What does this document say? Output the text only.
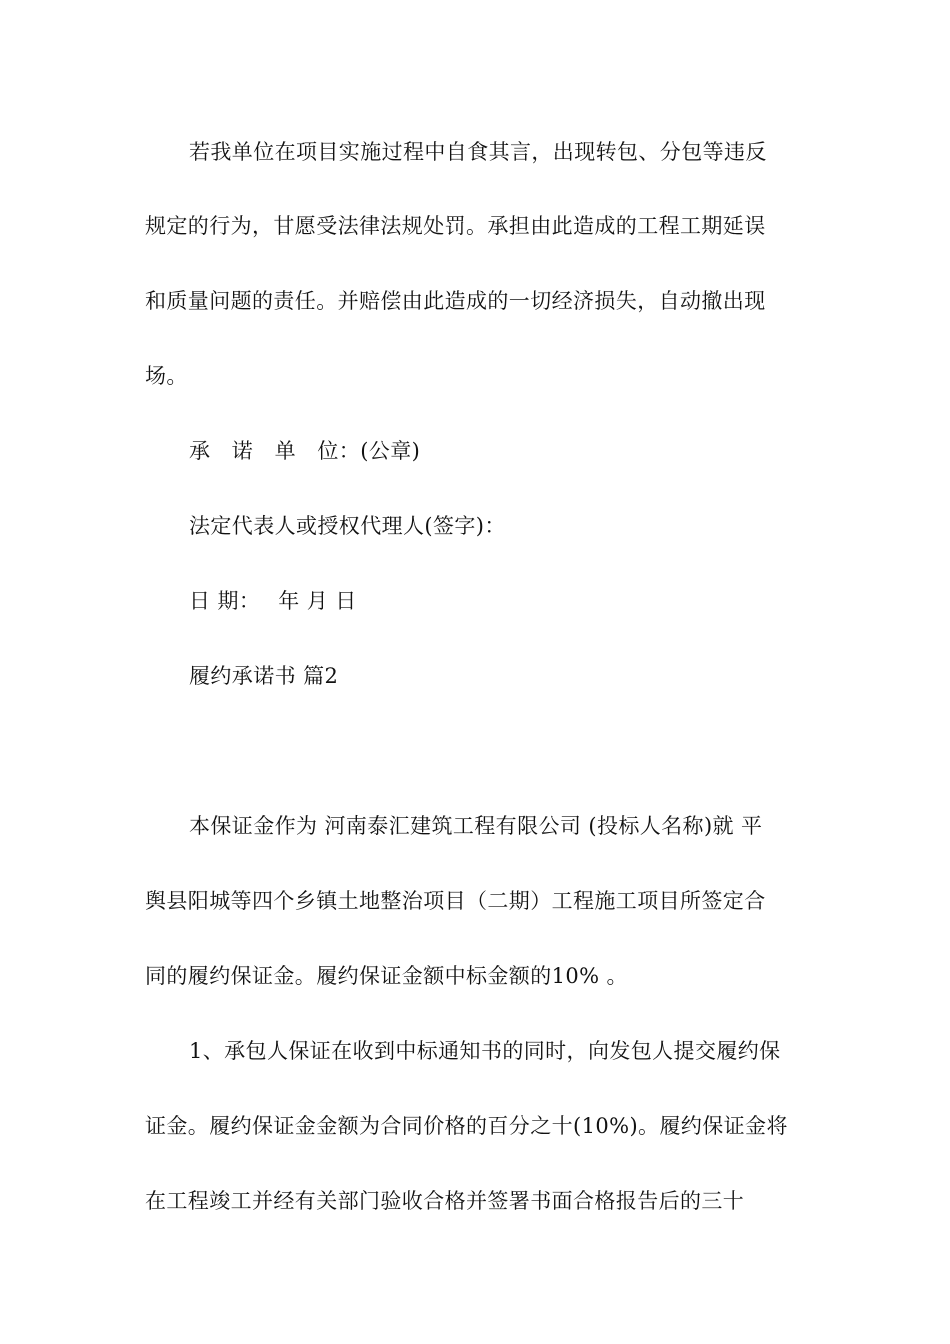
若我单位在项目实施过程中自食其言，出现转包、分包等违反
规定的行为，甘愿受法律法规处罚。承担由此造成的工程工期延误
和质量问题的责任。并赔偿由此造成的一切经济损失，自动撤出现
场。
承　诺　单　位：(公章)
法定代表人或授权代理人(签字)：
日 期：　 年 月 日
履约承诺书 篇2
本保证金作为 河南泰汇建筑工程有限公司 (投标人名称)就 平
舆县阳城等四个乡镇土地整治项目（二期）工程施工项目所签定合
同的履约保证金。履约保证金额中标金额的10% 。
1、承包人保证在收到中标通知书的同时，向发包人提交履约保
证金。履约保证金金额为合同价格的百分之十(10%)。履约保证金将
在工程竣工并经有关部门验收合格并签署书面合格报告后的三十
